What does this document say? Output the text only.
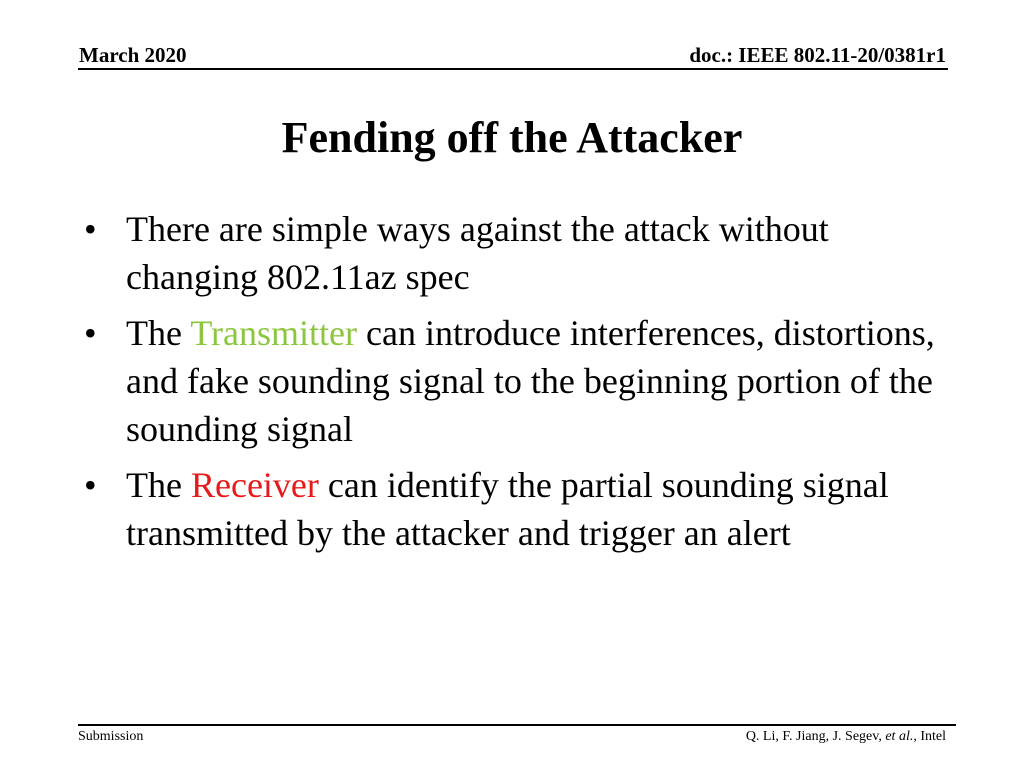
March 2020	doc.: IEEE 802.11-20/0381r1
Fending off the Attacker
• There are simple ways against the attack without changing 802.11az spec
• The Transmitter can introduce interferences, distortions, and fake sounding signal to the beginning portion of the sounding signal
• The Receiver can identify the partial sounding signal transmitted by the attacker and trigger an alert
Submission	Q. Li, F. Jiang, J. Segev, et al., Intel
